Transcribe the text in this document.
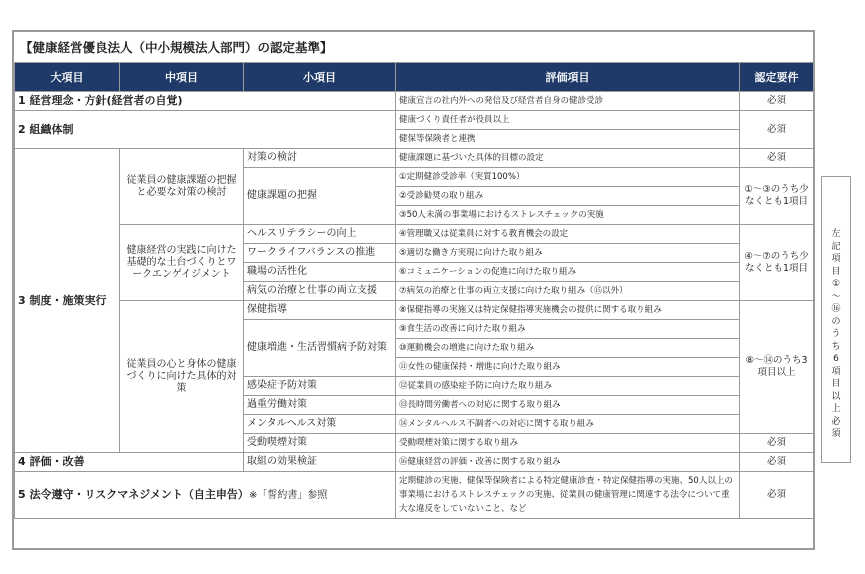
【健康経営優良法人（中小規模法人部門）の認定基準】
大項目	中項目	小項目	評価項目	認定要件
1 経営理念・方針(経営者の自覚)			健康宣言の社内外への発信及び経営者自身の健診受診	必須
2 組織体制			健康づくり責任者が役員以上	必須
			健保等保険者と連携	
3 制度・施策実行	従業員の健康課題の把握と必要な対策の検討	対策の検討	健康課題に基づいた具体的目標の設定	必須
		健康課題の把握	①定期健診受診率（実質100%）	①～③のうち少なくとも1項目
			②受診勧奨の取り組み	
			③50人未満の事業場におけるストレスチェックの実施	
	健康経営の実践に向けた基礎的な土台づくりとワークエンゲイジメント	ヘルスリテラシーの向上	④管理職又は従業員に対する教育機会の設定	④～⑦のうち少なくとも1項目
		ワークライフバランスの推進	⑤適切な働き方実現に向けた取り組み	
		職場の活性化	⑥コミュニケーションの促進に向けた取り組み	
		病気の治療と仕事の両立支援	⑦病気の治療と仕事の両立支援に向けた取り組み（⑮以外）	
	従業員の心と身体の健康づくりに向けた具体的対策	保健指導	⑧保健指導の実施又は特定保健指導実施機会の提供に関する取り組み	⑧～⑭のうち3項目以上
		健康増進・生活習慣病予防対策	⑨食生活の改善に向けた取り組み	
			⑩運動機会の増進に向けた取り組み	
			⑪女性の健康保持・増進に向けた取り組み	
		感染症予防対策	⑫従業員の感染症予防に向けた取り組み	
		過重労働対策	⑬長時間労働者への対応に関する取り組み	
		メンタルヘルス対策	⑭メンタルヘルス不調者への対応に関する取り組み	
		受動喫煙対策	受動喫煙対策に関する取り組み	必須
4 評価・改善		取組の効果検証	⑯健康経営の評価・改善に関する取り組み	必須
5 法令遵守・リスクマネジメント（自主申告）※「誓約書」参照			定期健診の実施、健保等保険者による特定健康診査・特定保健指導の実施、50人以上の事業場におけるストレスチェックの実施、従業員の健康管理に関連する法令について重大な違反をしていないこと、など	必須
左
記
項
目
①
〜
⑯
の
う
ち
6
項
目
以
上
必
須
